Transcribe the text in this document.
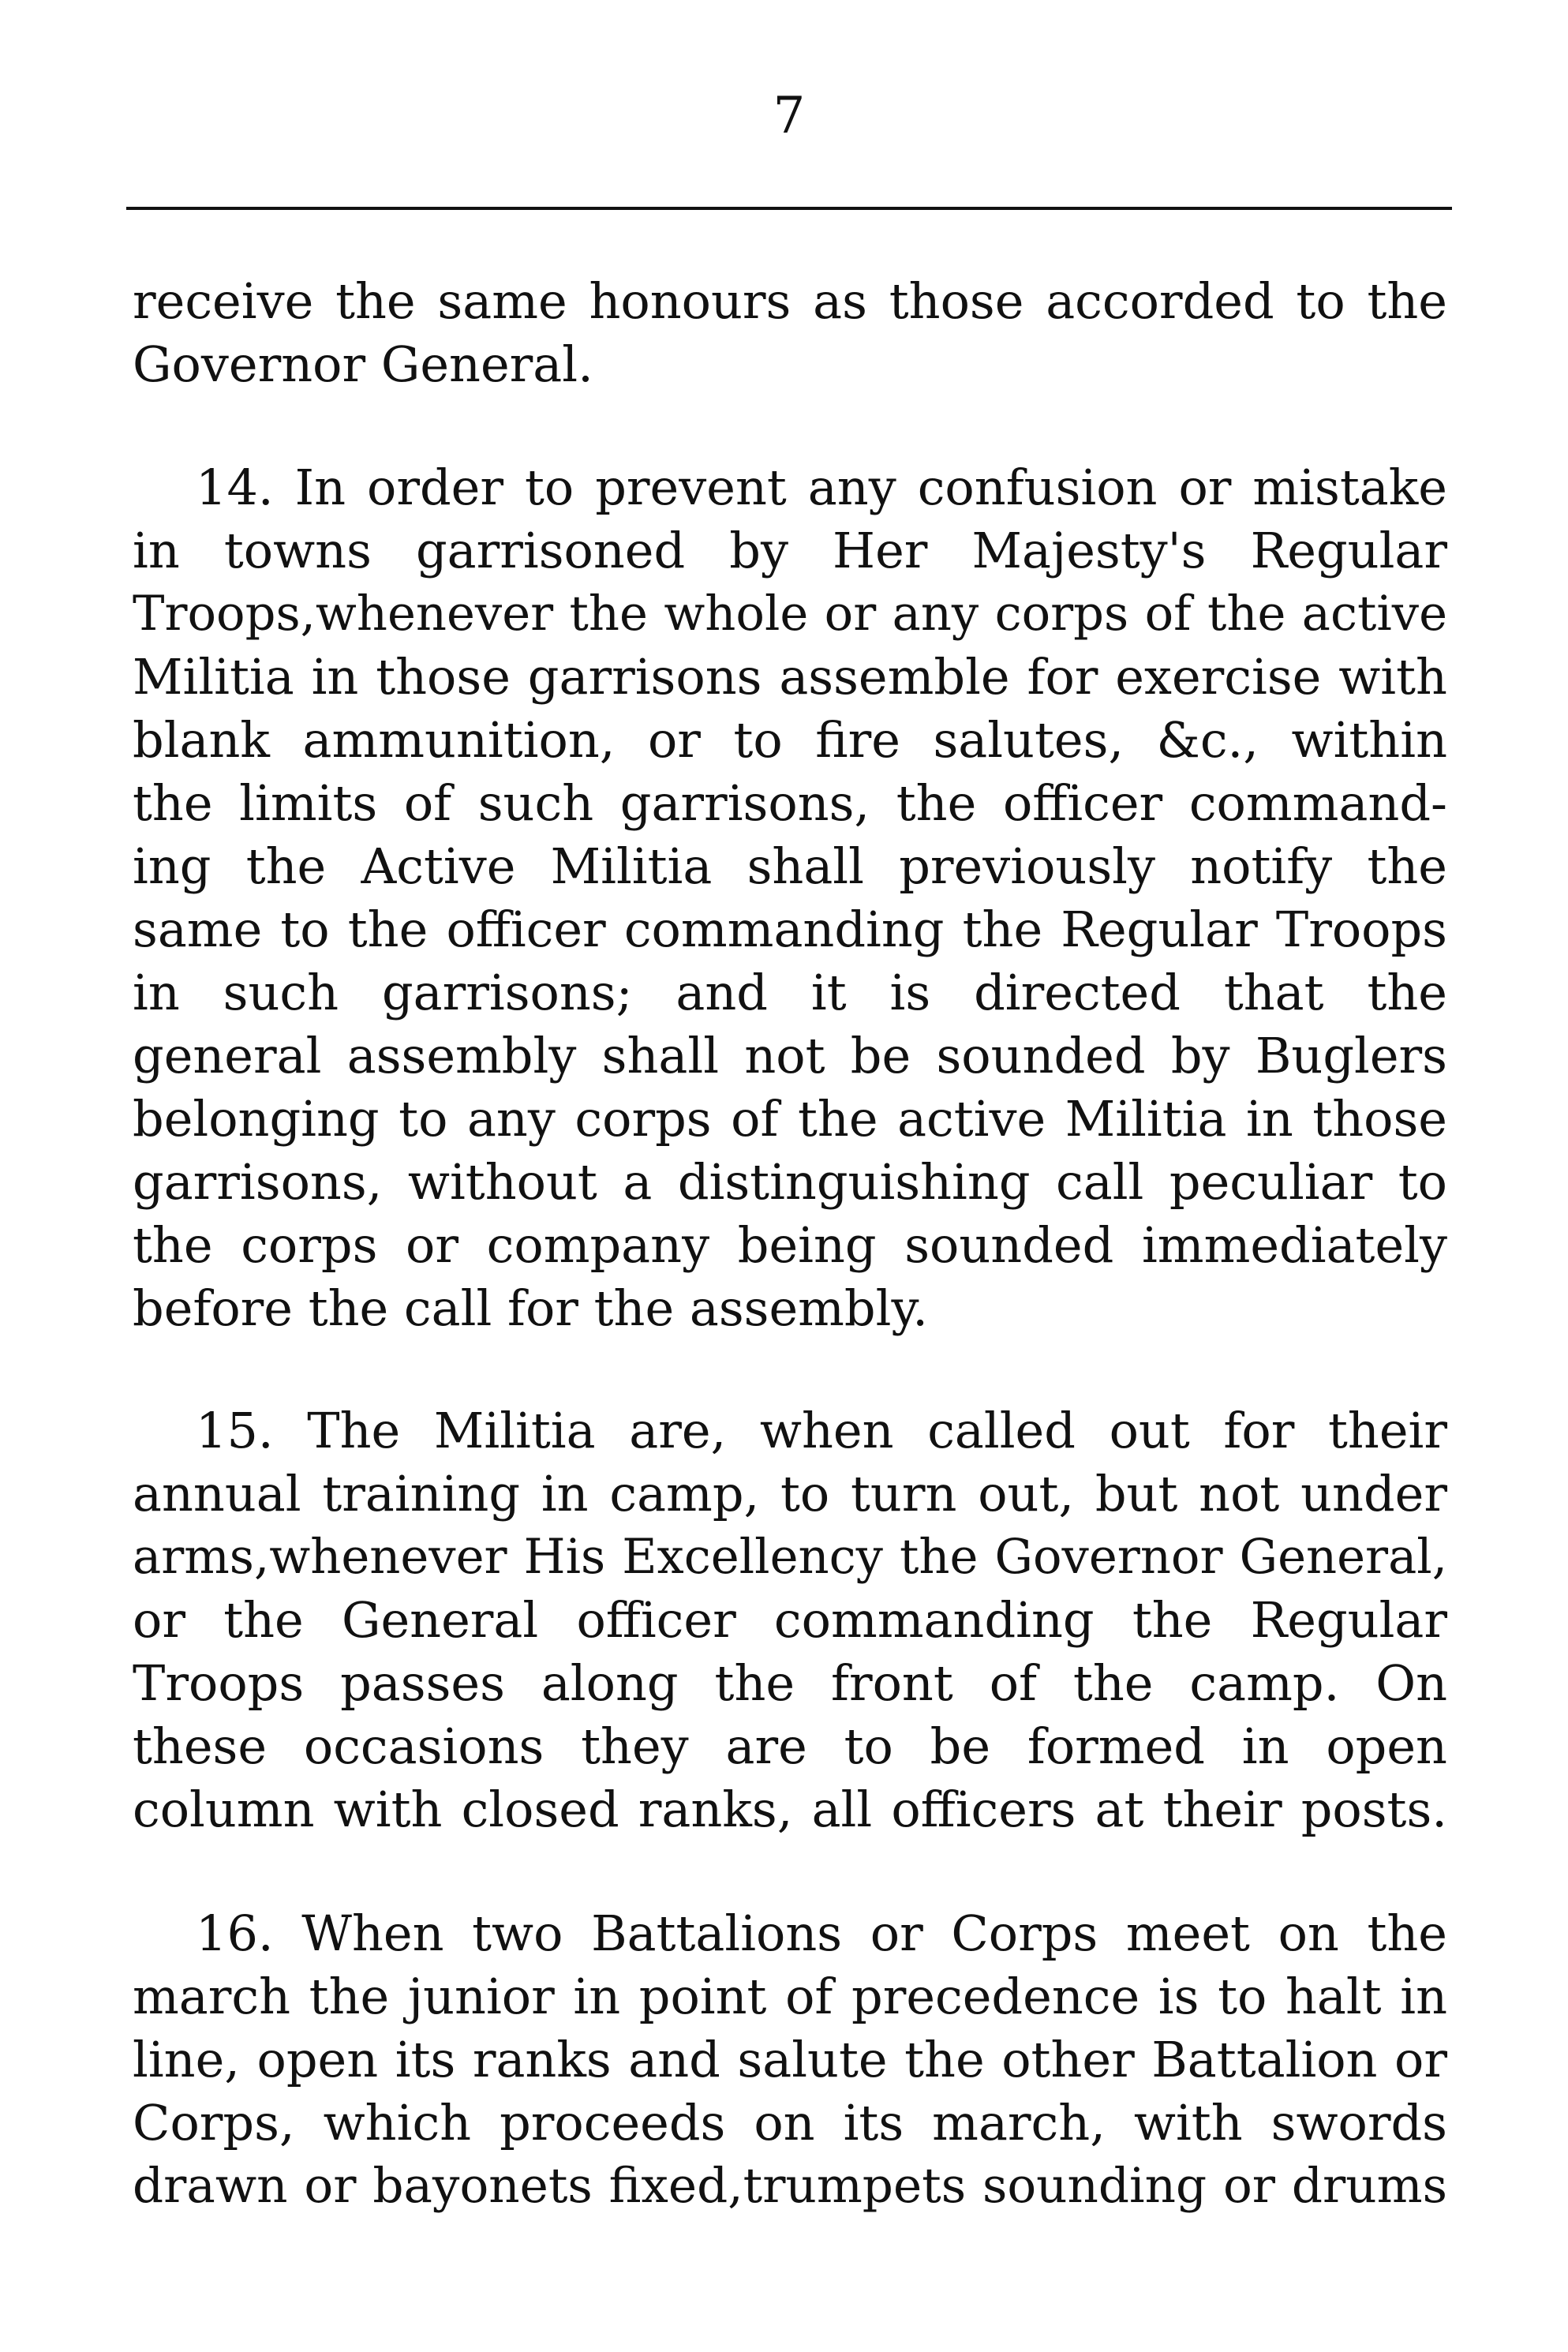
7
receive the same honours as those accorded to the
Governor General.
14. In order to prevent any confusion or mistake
in towns garrisoned by Her Majesty's Regular
Troops,whenever the whole or any corps of the active
Militia in those garrisons assemble for exercise with
blank ammunition, or to fire salutes, &c., within
the limits of such garrisons, the officer command-
ing the Active Militia shall previously notify the
same to the officer commanding the Regular Troops
in such garrisons; and it is directed that the
general assembly shall not be sounded by Buglers
belonging to any corps of the active Militia in those
garrisons, without a distinguishing call peculiar to
the corps or company being sounded immediately
before the call for the assembly.
15. The Militia are, when called out for their
annual training in camp, to turn out, but not under
arms,whenever His Excellency the Governor General,
or the General officer commanding the Regular
Troops passes along the front of the camp. On
these occasions they are to be formed in open
column with closed ranks, all officers at their posts.
16. When two Battalions or Corps meet on the
march the junior in point of precedence is to halt in
line, open its ranks and salute the other Battalion or
Corps, which proceeds on its march, with swords
drawn or bayonets fixed,trumpets sounding or drums
